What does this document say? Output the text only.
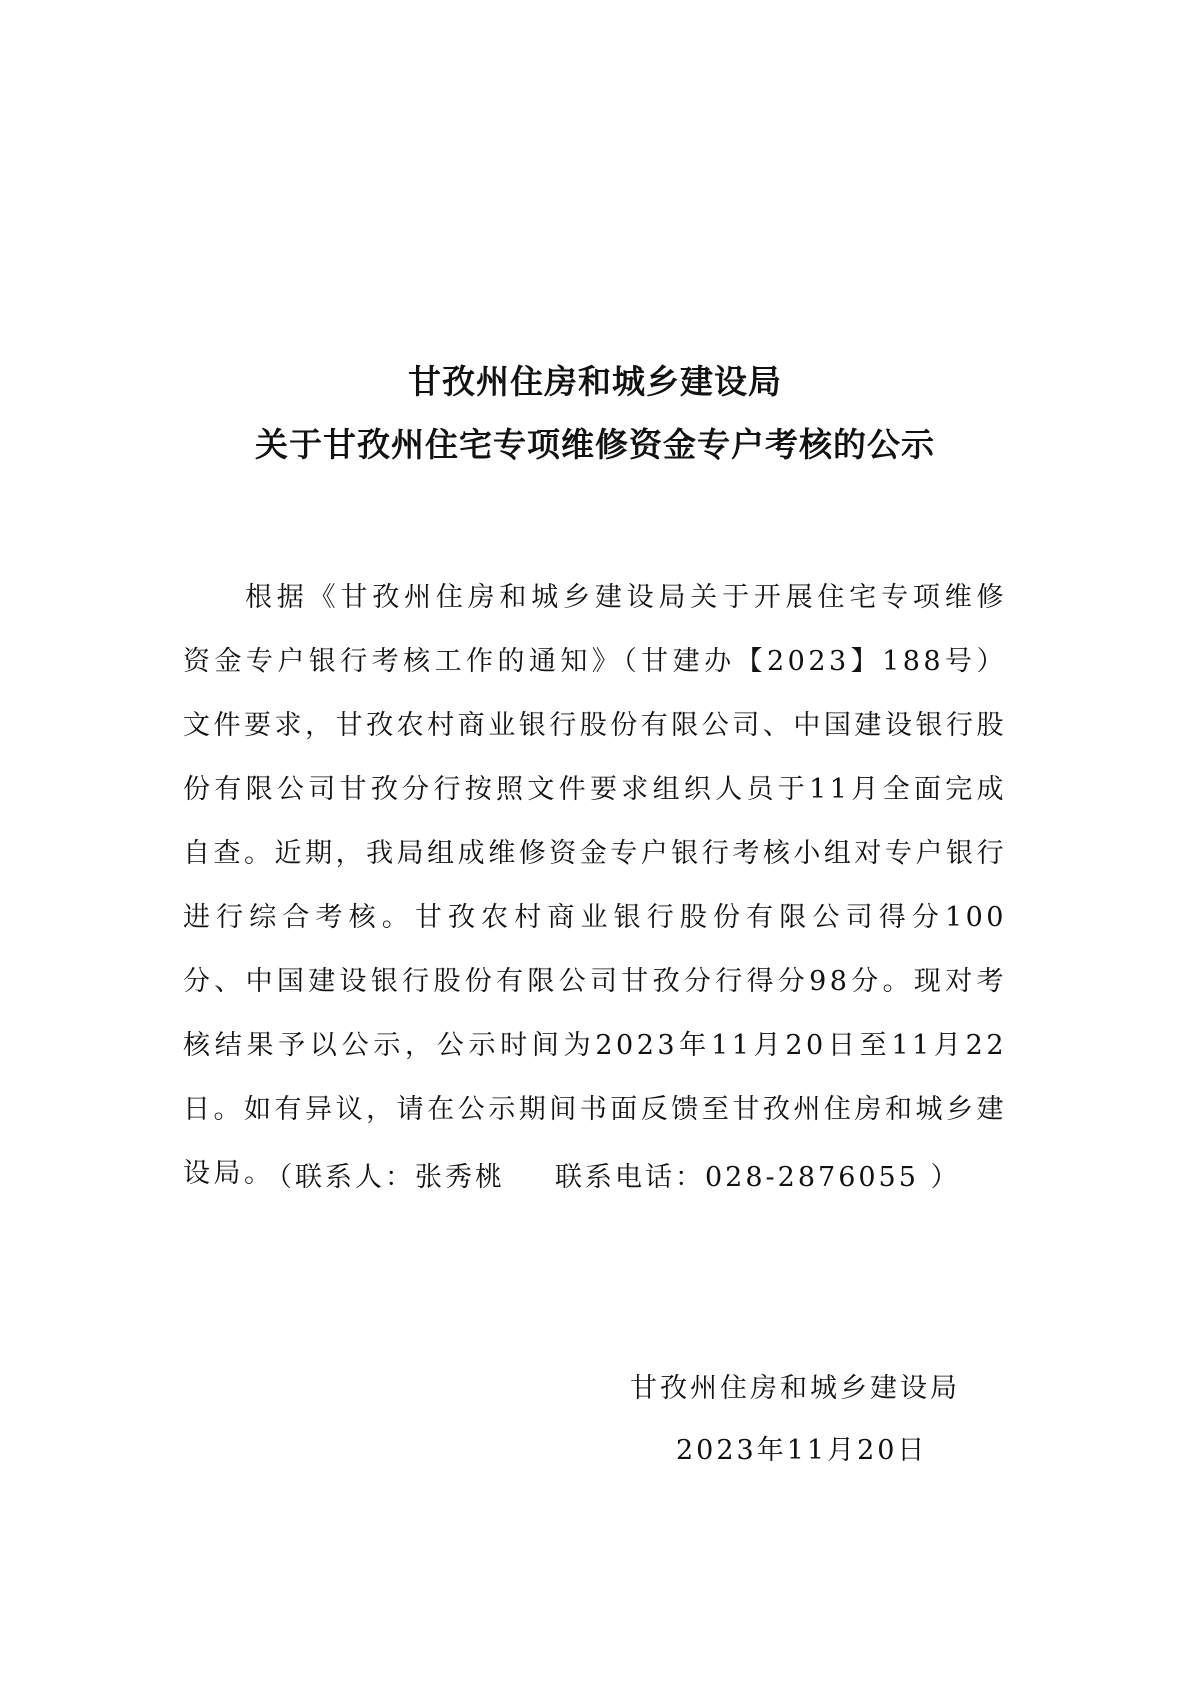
甘孜州住房和城乡建设局
关于甘孜州住宅专项维修资金专户考核的公示

根据《甘孜州住房和城乡建设局关于开展住宅专项维修资金专户银行考核工作的通知》（甘建办【2023】188号）文件要求，甘孜农村商业银行股份有限公司、中国建设银行股份有限公司甘孜分行按照文件要求组织人员于11月全面完成自查。近期，我局组成维修资金专户银行考核小组对专户银行进行综合考核。甘孜农村商业银行股份有限公司得分100分、中国建设银行股份有限公司甘孜分行得分98分。现对考核结果予以公示，公示时间为2023年11月20日至11月22日。如有异议，请在公示期间书面反馈至甘孜州住房和城乡建设局。

（联系人：张秀桃 联系电话：028-2876055 ）
甘孜州住房和城乡建设局
2023年11月20日
